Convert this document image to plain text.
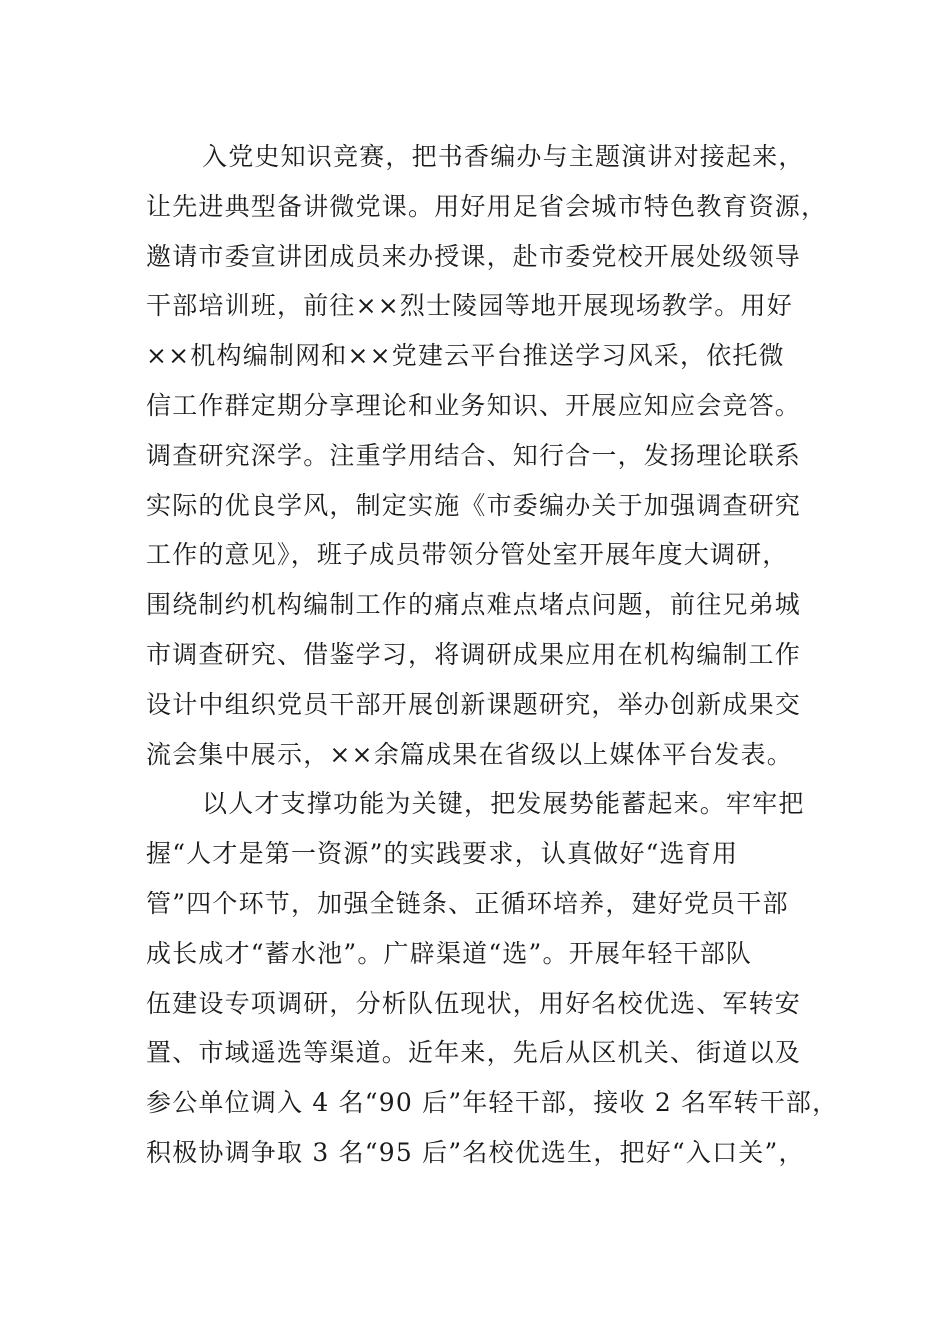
入党史知识竞赛，把书香编办与主题演讲对接起来，
让先进典型备讲微党课。用好用足省会城市特色教育资源，
邀请市委宣讲团成员来办授课，赴市委党校开展处级领导
干部培训班，前往××烈士陵园等地开展现场教学。用好
××机构编制网和××党建云平台推送学习风采，依托微
信工作群定期分享理论和业务知识、开展应知应会竞答。
调查研究深学。注重学用结合、知行合一，发扬理论联系
实际的优良学风，制定实施《市委编办关于加强调查研究
工作的意见》，班子成员带领分管处室开展年度大调研，
围绕制约机构编制工作的痛点难点堵点问题，前往兄弟城
市调查研究、借鉴学习，将调研成果应用在机构编制工作
设计中组织党员干部开展创新课题研究，举办创新成果交
流会集中展示，××余篇成果在省级以上媒体平台发表。
以人才支撑功能为关键，把发展势能蓄起来。牢牢把
握“人才是第一资源”的实践要求，认真做好“选育用
管”四个环节，加强全链条、正循环培养，建好党员干部
成长成才“蓄水池”。广辟渠道“选”。开展年轻干部队
伍建设专项调研，分析队伍现状，用好名校优选、军转安
置、市域遥选等渠道。近年来，先后从区机关、街道以及
参公单位调入 4 名“90 后”年轻干部，接收 2 名军转干部，
积极协调争取 3 名“95 后”名校优选生，把好“入口关”，
